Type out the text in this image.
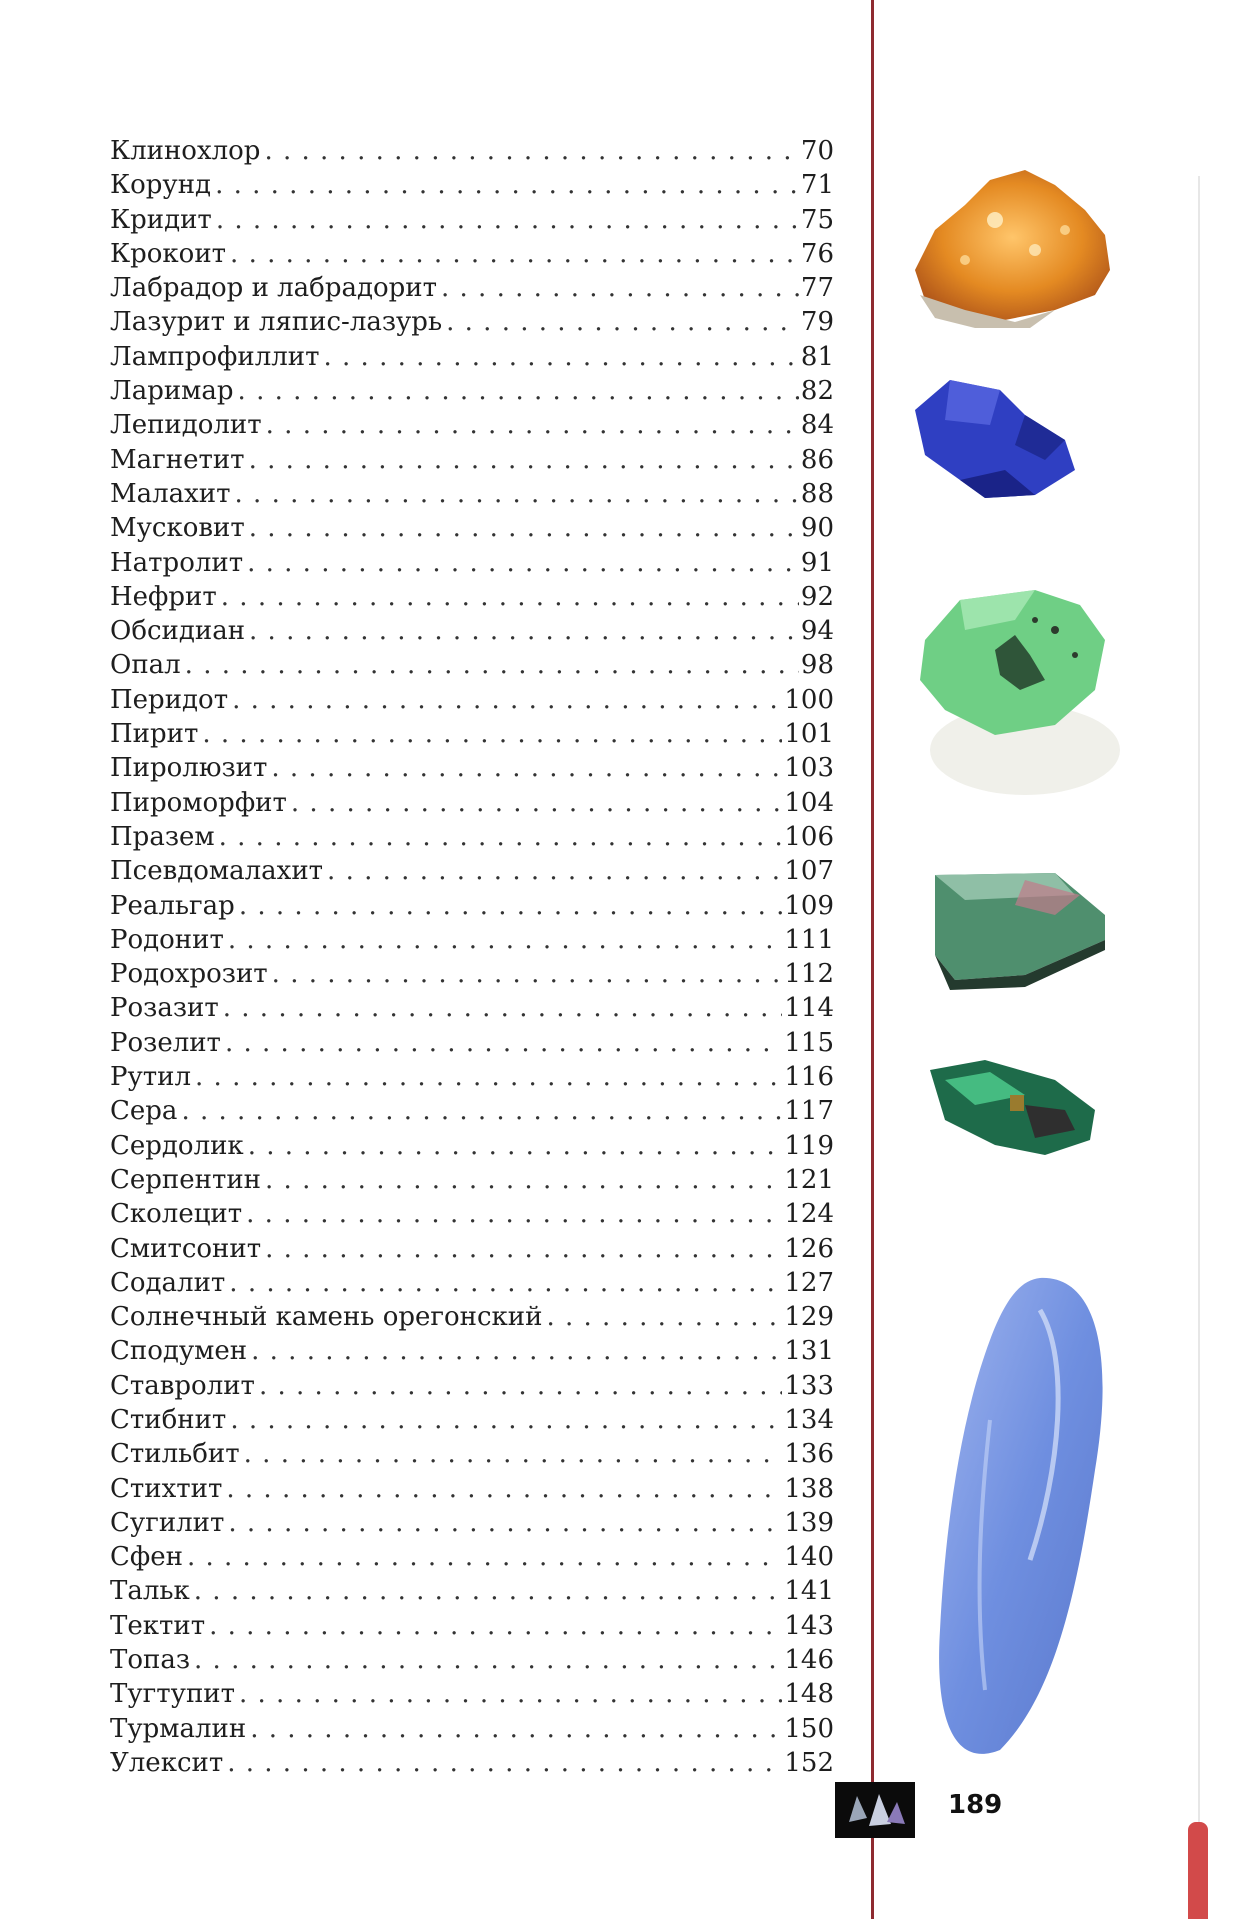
Клинохлор . . .	70
Корунд . . .	71
Кридит . . .	75
Крокоит . . .	76
Лабрадор и лабрадорит . . .	77
Лазурит и ляпис-лазурь . . .	79
Лампрофиллит . . .	81
Ларимар . . .	82
Лепидолит . . .	84
Магнетит . . .	86
Малахит . . .	88
Мусковит . . .	90
Натролит . . .	91
Нефрит . . .	92
Обсидиан . . .	94
Опал . . .	98
Перидот . . .	100
Пирит . . .	101
Пиролюзит . . .	103
Пироморфит . . .	104
Празем . . .	106
Псевдомалахит . . .	107
Реальгар . . .	109
Родонит . . .	111
Родохрозит . . .	112
Розазит . . .	114
Розелит . . .	115
Рутил . . .	116
Сера . . .	117
Сердолик . . .	119
Серпентин . . .	121
Сколецит . . .	124
Смитсонит . . .	126
Содалит . . .	127
Солнечный камень орегонский . . .	129
Сподумен . . .	131
Ставролит . . .	133
Стибнит . . .	134
Стильбит . . .	136
Стихтит . . .	138
Сугилит . . .	139
Сфен . . .	140
Тальк . . .	141
Тектит . . .	143
Топаз . . .	146
Тугтупит . . .	148
Турмалин . . .	150
Улексит . . .	152
189
